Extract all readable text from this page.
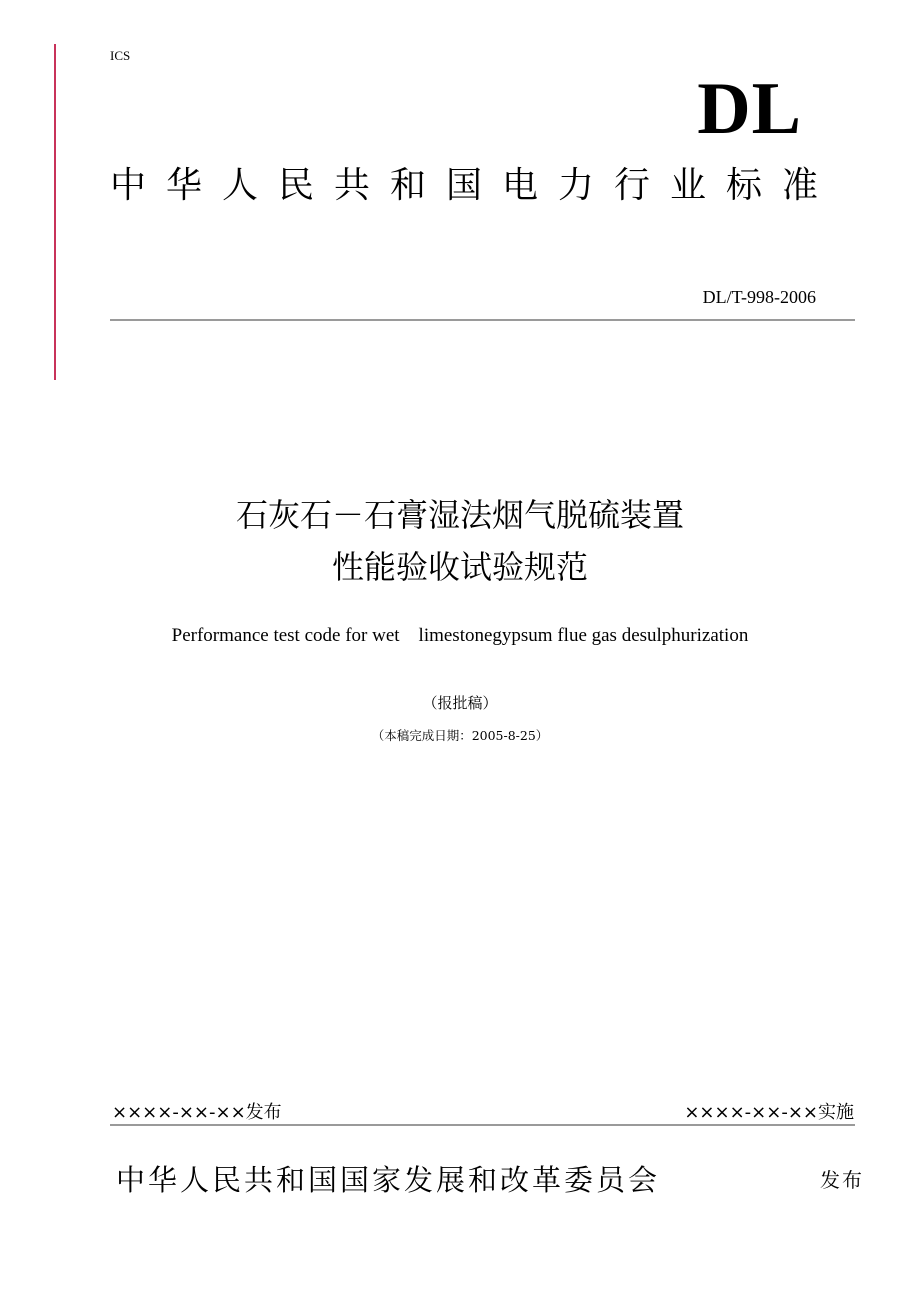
ICS
DL
中华人民共和国电力行业标准
DL/T-998-2006
石灰石－石膏湿法烟气脱硫装置
性能验收试验规范
Performance test code for wet    limestonegypsum flue gas desulphurization
（报批稿）
（本稿完成日期：2005-8-25）
××××-××-××发布	××××-××-××实施
中华人民共和国国家发展和改革委员会	发布
